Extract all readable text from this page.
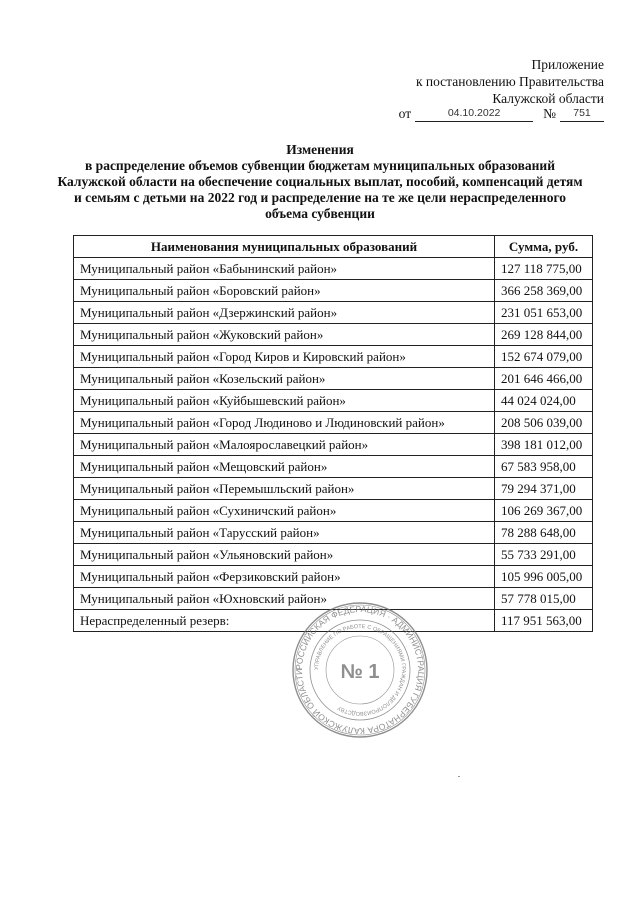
Приложение
к постановлению Правительства
Калужской области
от	04.10.2022	№	751
Изменения
в распределение объемов субвенции бюджетам муниципальных образований
Калужской области на обеспечение социальных выплат, пособий, компенсаций детям
и семьям с детьми на 2022 год и распределение на те же цели нераспределенного
объема субвенции
Наименования муниципальных образований	Сумма, руб.
Муниципальный район «Бабынинский район»	127 118 775,00
Муниципальный район «Боровский район»	366 258 369,00
Муниципальный район «Дзержинский район»	231 051 653,00
Муниципальный район «Жуковский район»	269 128 844,00
Муниципальный район «Город Киров и Кировский район»	152 674 079,00
Муниципальный район «Козельский район»	201 646 466,00
Муниципальный район «Куйбышевский район»	44 024 024,00
Муниципальный район «Город Людиново и Людиновский район»	208 506 039,00
Муниципальный район «Малоярославецкий район»	398 181 012,00
Муниципальный район «Мещовский район»	67 583 958,00
Муниципальный район «Перемышльский район»	79 294 371,00
Муниципальный район «Сухиничский район»	106 269 367,00
Муниципальный район «Тарусский район»	78 288 648,00
Муниципальный район «Ульяновский район»	55 733 291,00
Муниципальный район «Ферзиковский район»	105 996 005,00
Муниципальный район «Юхновский район»	57 778 015,00
Нераспределенный резерв:	117 951 563,00
РОССИЙСКАЯ ФЕДЕРАЦИЯ · АДМИНИСТРАЦИЯ ГУБЕРНАТОРА КАЛУЖСКОЙ ОБЛАСТИ
УПРАВЛЕНИЕ ПО РАБОТЕ С ОБРАЩЕНИЯМИ ГРАЖДАН И ДЕЛОПРОИЗВОДСТВУ
№ 1
